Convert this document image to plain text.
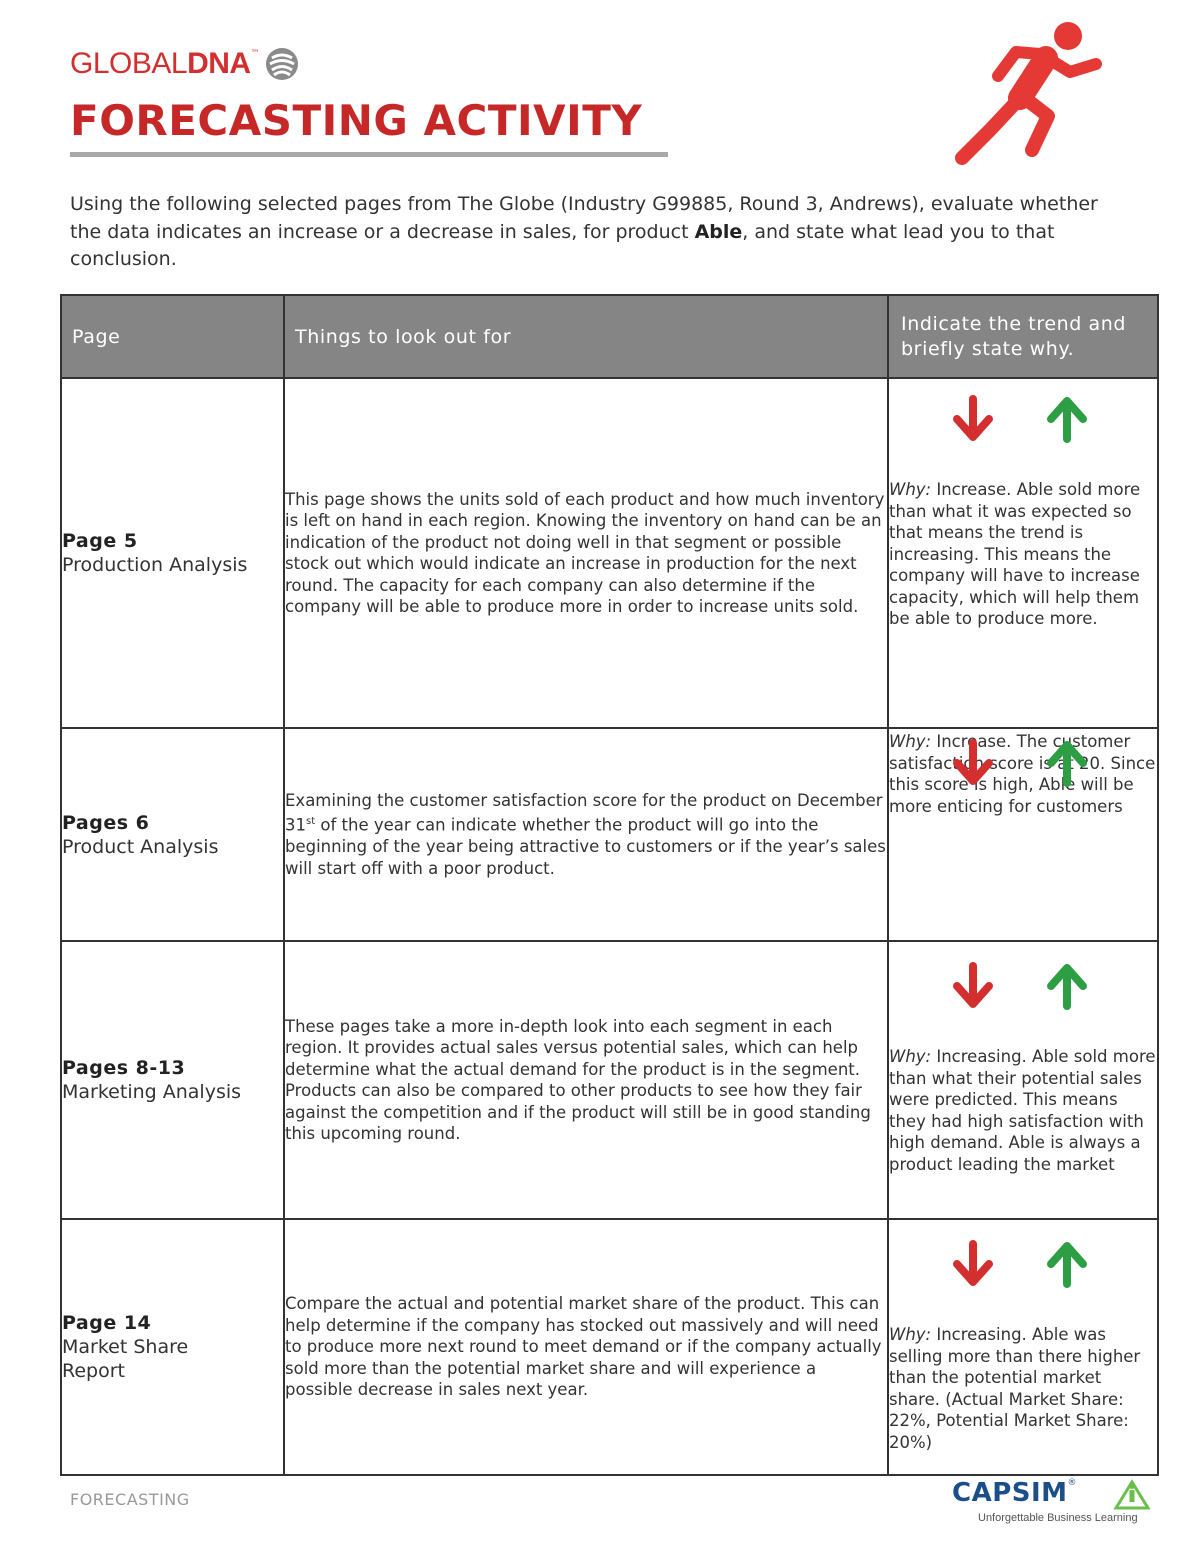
GLOBAL DNA ™
FORECASTING ACTIVITY

Using the following selected pages from The Globe (Industry G99885, Round 3, Andrews), evaluate whether the data indicates an increase or a decrease in sales, for product Able, and state what lead you to that conclusion.

Page	Things to look out for	Indicate the trend and briefly state why.

Page 5
Production Analysis	This page shows the units sold of each product and how much inventory is left on hand in each region. Knowing the inventory on hand can be an indication of the product not doing well in that segment or possible stock out which would indicate an increase in production for the next round. The capacity for each company can also determine if the company will be able to produce more in order to increase units sold.	Why: Increase. Able sold more than what it was expected so that means the trend is increasing. This means the company will have to increase capacity, which will help them be able to produce more.

Pages 6
Product Analysis	Examining the customer satisfaction score for the product on December 31st of the year can indicate whether the product will go into the beginning of the year being attractive to customers or if the year’s sales will start off with a poor product.	Why: Increase. The customer satisfaction score is at 20. Since this score is high, Able will be more enticing for customers

Pages 8-13
Marketing Analysis	These pages take a more in-depth look into each segment in each region. It provides actual sales versus potential sales, which can help determine what the actual demand for the product is in the segment. Products can also be compared to other products to see how they fair against the competition and if the product will still be in good standing this upcoming round.	Why: Increasing. Able sold more than what their potential sales were predicted. This means they had high satisfaction with high demand. Able is always a product leading the market

Page 14
Market Share Report	Compare the actual and potential market share of the product. This can help determine if the company has stocked out massively and will need to produce more next round to meet demand or if the company actually sold more than the potential market share and will experience a possible decrease in sales next year.	Why: Increasing. Able was selling more than there higher than the potential market share. (Actual Market Share: 22%, Potential Market Share: 20%)
FORECASTING	CAPSIM®
Unforgettable Business Learning
